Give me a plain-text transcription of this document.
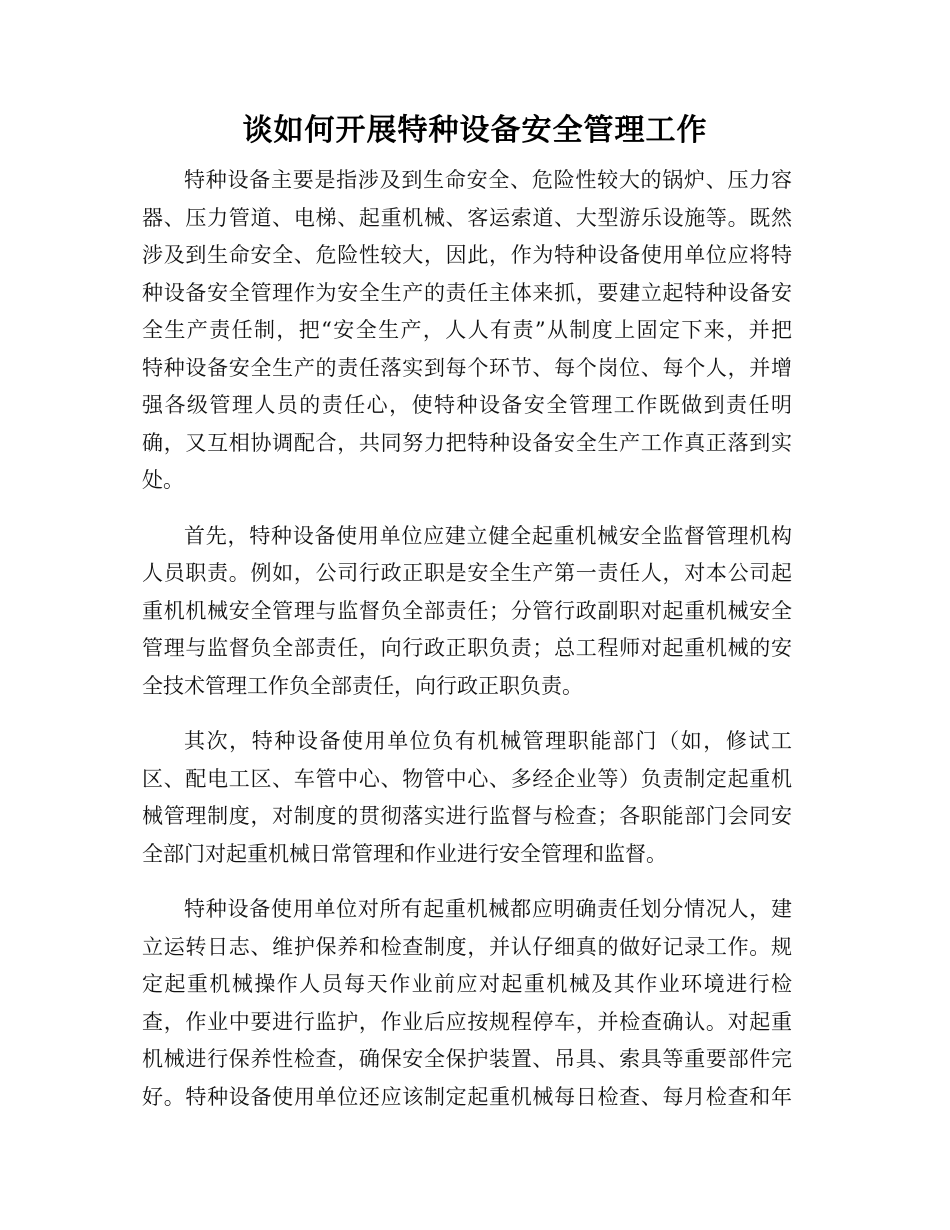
谈如何开展特种设备安全管理工作
特种设备主要是指涉及到生命安全、危险性较大的锅炉、压力容
器、压力管道、电梯、起重机械、客运索道、大型游乐设施等。既然
涉及到生命安全、危险性较大，因此，作为特种设备使用单位应将特
种设备安全管理作为安全生产的责任主体来抓，要建立起特种设备安
全生产责任制，把“安全生产，人人有责”从制度上固定下来，并把
特种设备安全生产的责任落实到每个环节、每个岗位、每个人，并增
强各级管理人员的责任心，使特种设备安全管理工作既做到责任明
确，又互相协调配合，共同努力把特种设备安全生产工作真正落到实
处。
首先，特种设备使用单位应建立健全起重机械安全监督管理机构
人员职责。例如，公司行政正职是安全生产第一责任人，对本公司起
重机机械安全管理与监督负全部责任；分管行政副职对起重机械安全
管理与监督负全部责任，向行政正职负责；总工程师对起重机械的安
全技术管理工作负全部责任，向行政正职负责。
其次，特种设备使用单位负有机械管理职能部门（如，修试工
区、配电工区、车管中心、物管中心、多经企业等）负责制定起重机
械管理制度，对制度的贯彻落实进行监督与检查；各职能部门会同安
全部门对起重机械日常管理和作业进行安全管理和监督。
特种设备使用单位对所有起重机械都应明确责任划分情况人，建
立运转日志、维护保养和检查制度，并认仔细真的做好记录工作。规
定起重机械操作人员每天作业前应对起重机械及其作业环境进行检
查，作业中要进行监护，作业后应按规程停车，并检查确认。对起重
机械进行保养性检查，确保安全保护装置、吊具、索具等重要部件完
好。特种设备使用单位还应该制定起重机械每日检查、每月检查和年
